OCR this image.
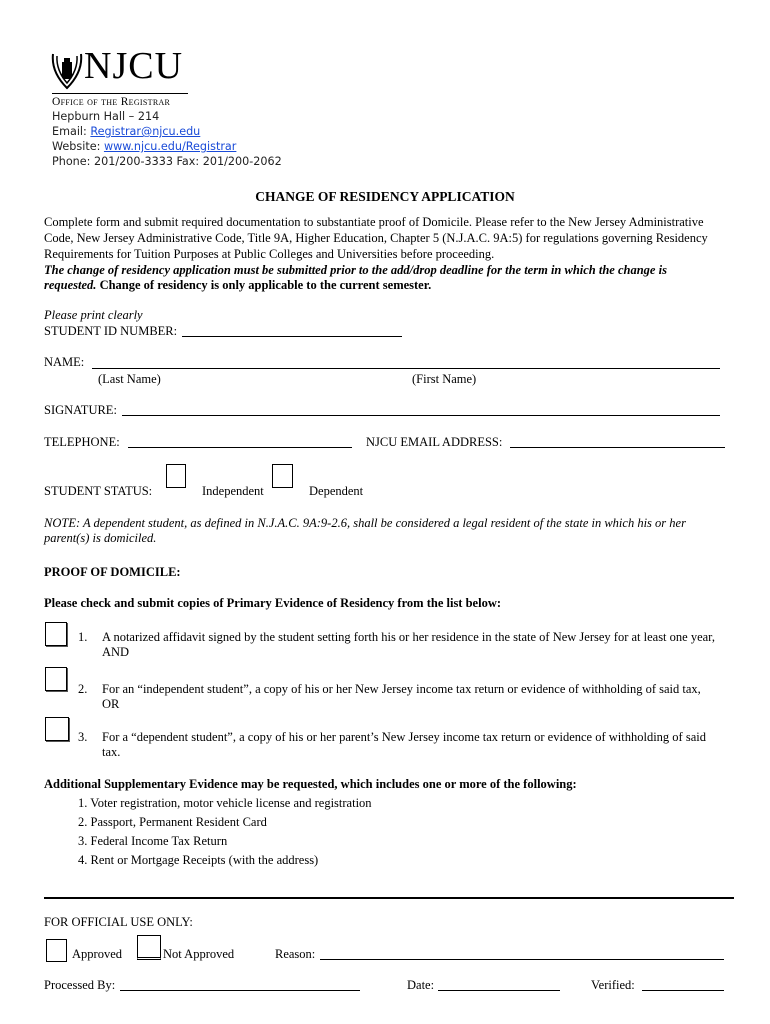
NJCU
Office of the Registrar
Hepburn Hall – 214
Email: Registrar@njcu.edu
Website: www.njcu.edu/Registrar
Phone: 201/200-3333 Fax: 201/200-2062
CHANGE OF RESIDENCY APPLICATION
Complete form and submit required documentation to substantiate proof of Domicile. Please refer to the New Jersey Administrative
Code, New Jersey Administrative Code, Title 9A, Higher Education, Chapter 5 (N.J.A.C. 9A:5) for regulations governing Residency
Requirements for Tuition Purposes at Public Colleges and Universities before proceeding.
The change of residency application must be submitted prior to the add/drop deadline for the term in which the change is
requested. Change of residency is only applicable to the current semester.
Please print clearly
STUDENT ID NUMBER:
NAME:
(Last Name)	(First Name)
SIGNATURE:
TELEPHONE:	NJCU EMAIL ADDRESS:
STUDENT STATUS:	Independent	Dependent
NOTE: A dependent student, as defined in N.J.A.C. 9A:9-2.6, shall be considered a legal resident of the state in which his or her
parent(s) is domiciled.
PROOF OF DOMICILE:
Please check and submit copies of Primary Evidence of Residency from the list below:
1. A notarized affidavit signed by the student setting forth his or her residence in the state of New Jersey for at least one year,
AND
2. For an “independent student”, a copy of his or her New Jersey income tax return or evidence of withholding of said tax,
OR
3. For a “dependent student”, a copy of his or her parent’s New Jersey income tax return or evidence of withholding of said
tax.
Additional Supplementary Evidence may be requested, which includes one or more of the following:
1. Voter registration, motor vehicle license and registration
2. Passport, Permanent Resident Card
3. Federal Income Tax Return
4. Rent or Mortgage Receipts (with the address)
FOR OFFICIAL USE ONLY:
Approved	Not Approved	Reason:
Processed By:	Date:	Verified:
